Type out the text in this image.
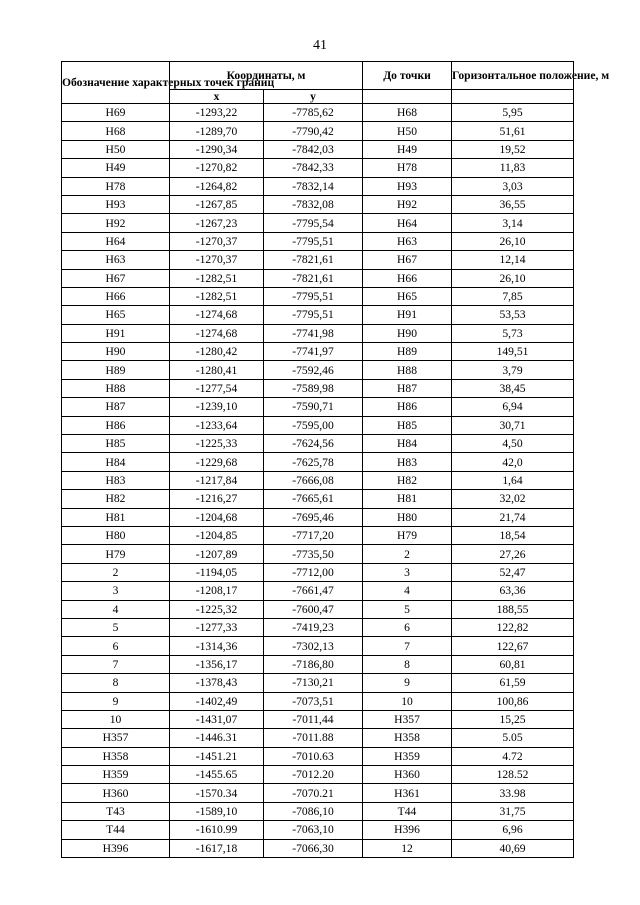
41
Обозначение характерных точек границ	Координаты, м		До точки	Горизонтальное положение, м
	x	y		
Н69	-1293,22	-7785,62	Н68	5,95
Н68	-1289,70	-7790,42	Н50	51,61
Н50	-1290,34	-7842,03	Н49	19,52
Н49	-1270,82	-7842,33	Н78	11,83
Н78	-1264,82	-7832,14	Н93	3,03
Н93	-1267,85	-7832,08	Н92	36,55
Н92	-1267,23	-7795,54	Н64	3,14
Н64	-1270,37	-7795,51	Н63	26,10
Н63	-1270,37	-7821,61	Н67	12,14
Н67	-1282,51	-7821,61	Н66	26,10
Н66	-1282,51	-7795,51	Н65	7,85
Н65	-1274,68	-7795,51	Н91	53,53
Н91	-1274,68	-7741,98	Н90	5,73
Н90	-1280,42	-7741,97	Н89	149,51
Н89	-1280,41	-7592,46	Н88	3,79
Н88	-1277,54	-7589,98	Н87	38,45
Н87	-1239,10	-7590,71	Н86	6,94
Н86	-1233,64	-7595,00	Н85	30,71
Н85	-1225,33	-7624,56	Н84	4,50
Н84	-1229,68	-7625,78	Н83	42,0
Н83	-1217,84	-7666,08	Н82	1,64
Н82	-1216,27	-7665,61	Н81	32,02
Н81	-1204,68	-7695,46	Н80	21,74
Н80	-1204,85	-7717,20	Н79	18,54
Н79	-1207,89	-7735,50	2	27,26
2	-1194,05	-7712,00	3	52,47
3	-1208,17	-7661,47	4	63,36
4	-1225,32	-7600,47	5	188,55
5	-1277,33	-7419,23	6	122,82
6	-1314,36	-7302,13	7	122,67
7	-1356,17	-7186,80	8	60,81
8	-1378,43	-7130,21	9	61,59
9	-1402,49	-7073,51	10	100,86
10	-1431,07	-7011,44	Н357	15,25
Н357	-1446.31	-7011.88	Н358	5.05
Н358	-1451.21	-7010.63	Н359	4.72
Н359	-1455.65	-7012.20	Н360	128.52
Н360	-1570.34	-7070.21	Н361	33.98
Т43	-1589,10	-7086,10	Т44	31,75
Т44	-1610.99	-7063,10	Н396	6,96
Н396	-1617,18	-7066,30	12	40,69
